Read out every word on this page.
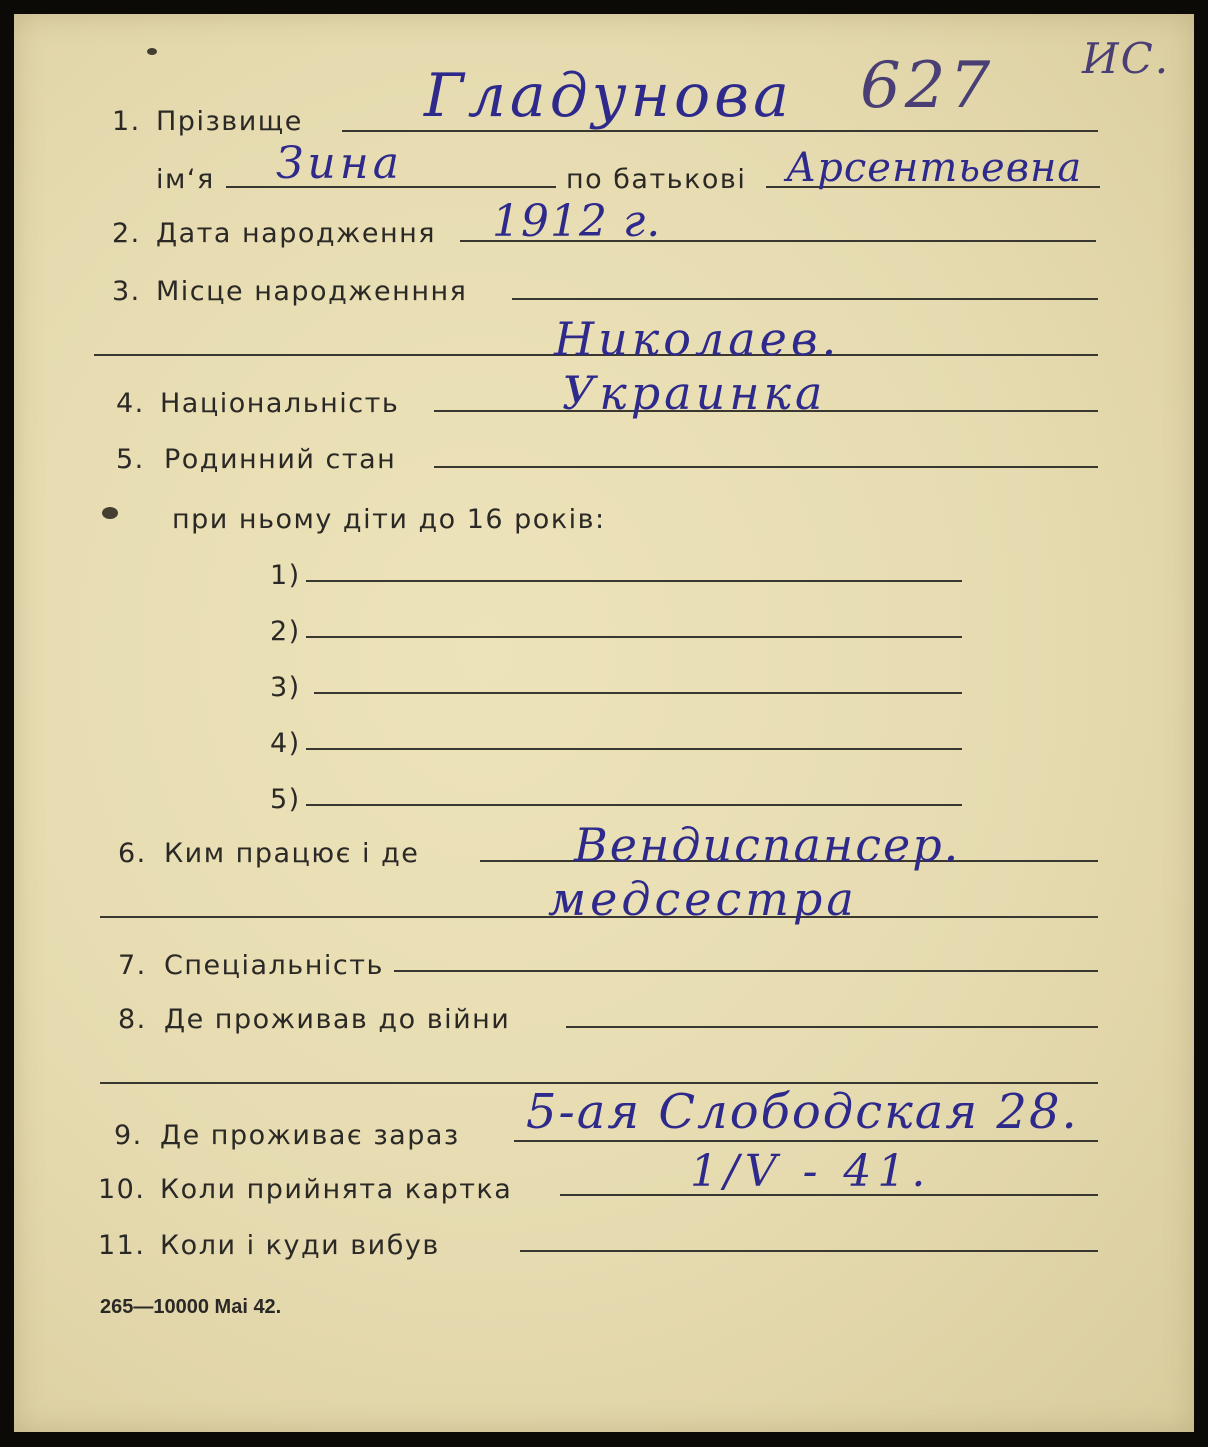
627 ИС.
1. Прізвище Гладунова
ім‘я Зина	по батькові Арсентьевна
2. Дата народження 1912 г.
3. Місце народженння
Николаев.
4. Національність	Украинка
5. Родинний стан
при ньому діти до 16 років:
1)
2)
3)
4)
5)
6. Ким працює і де	Вендиспансер.
медсестра
7. Спеціальність
8. Де проживав до війни
9. Де проживає зараз 5-ая Слободская 28.
10. Коли прийнята картка	1/V - 41.
11. Коли і куди вибув
265—10000 Mai 42.
